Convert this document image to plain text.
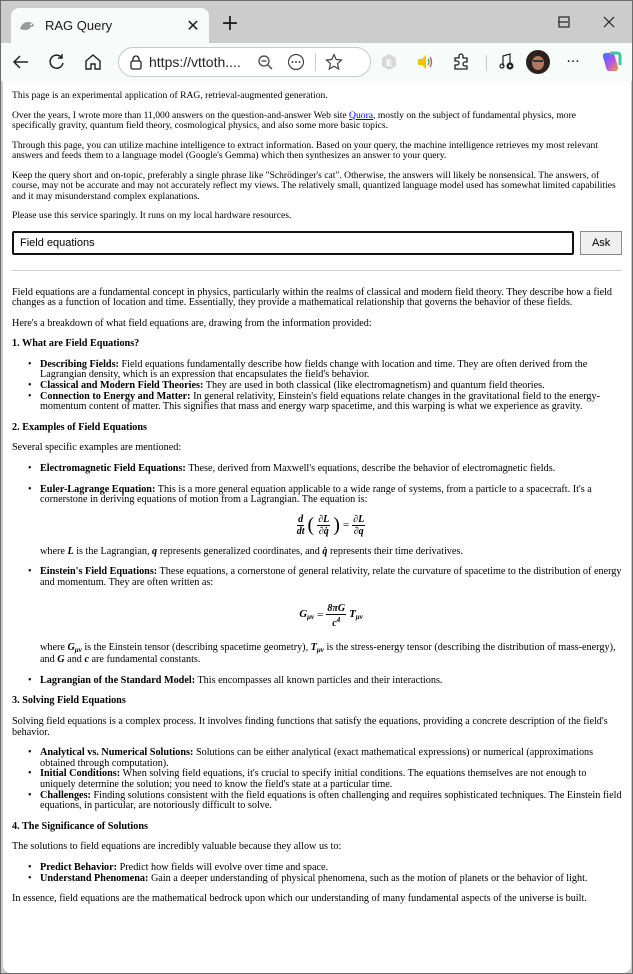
RAG Query	✕ +
https://vttoth....	E	···

This page is an experimental application of RAG, retrieval-augmented generation.

Over the years, I wrote more than 11,000 answers on the question-and-answer Web site Quora, mostly on the subject of fundamental physics, more specifically gravity, quantum field theory, cosmological physics, and also some more basic topics.

Through this page, you can utilize machine intelligence to extract information. Based on your query, the machine intelligence retrieves my most relevant answers and feeds them to a language model (Google's Gemma) which then synthesizes an answer to your query.

Keep the query short and on-topic, preferably a single phrase like "Schrödinger's cat". Otherwise, the answers will likely be nonsensical. The answers, of course, may not be accurate and may not accurately reflect my views. The relatively small, quantized language model used has somewhat limited capabilities and it may misunderstand complex explanations.

Please use this service sparingly. It runs on my local hardware resources.

Field equations
Ask

Field equations are a fundamental concept in physics, particularly within the realms of classical and modern field theory. They describe how a field changes as a function of location and time. Essentially, they provide a mathematical relationship that governs the behavior of these fields.

Here's a breakdown of what field equations are, drawing from the information provided:

1. What are Field Equations?
• Describing Fields: Field equations fundamentally describe how fields change with location and time. They are often derived from the Lagrangian density, which is an expression that encapsulates the field's behavior.
• Classical and Modern Field Theories: They are used in both classical (like electromagnetism) and quantum field theories.
• Connection to Energy and Matter: In general relativity, Einstein's field equations relate changes in the gravitational field to the energy-momentum content of matter. This signifies that mass and energy warp spacetime, and this warping is what we experience as gravity.
2. Examples of Field Equations

Several specific examples are mentioned:

• Electromagnetic Field Equations: These, derived from Maxwell's equations, describe the behavior of electromagnetic fields.
• Euler-Lagrange Equation: This is a more general equation applicable to a wide range of systems, from a particle to a spacecraft. It's a cornerstone in deriving equations of motion from a Lagrangian. The equation is:
$\frac{d}{dt}$ ( $\frac{\partial L}{\partial q̇}$ ) = $\frac{\partial L}{\partial q}$
where L is the Lagrangian, q represents generalized coordinates, and q̇ represents their time derivatives.
• Einstein's Field Equations: These equations, a cornerstone of general relativity, relate the curvature of spacetime to the distribution of energy and momentum. They are often written as:
$G_{\mu\nu} = \frac{8\pi G}{c^4} T_{\mu\nu}$
where $G_{\mu\nu}$ is the Einstein tensor (describing spacetime geometry), $T_{\mu\nu}$ is the stress-energy tensor (describing the distribution of mass-energy), and G and c are fundamental constants.
• Lagrangian of the Standard Model: This encompasses all known particles and their interactions.
3. Solving Field Equations

Solving field equations is a complex process. It involves finding functions that satisfy the equations, providing a concrete description of the field's behavior.

• Analytical vs. Numerical Solutions: Solutions can be either analytical (exact mathematical expressions) or numerical (approximations obtained through computation).
• Initial Conditions: When solving field equations, it's crucial to specify initial conditions. The equations themselves are not enough to uniquely determine the solution; you need to know the field's state at a particular time.
• Challenges: Finding solutions consistent with the field equations is often challenging and requires sophisticated techniques. The Einstein field equations, in particular, are notoriously difficult to solve.
4. The Significance of Solutions

The solutions to field equations are incredibly valuable because they allow us to:

• Predict Behavior: Predict how fields will evolve over time and space.
• Understand Phenomena: Gain a deeper understanding of physical phenomena, such as the motion of planets or the behavior of light.

In essence, field equations are the mathematical bedrock upon which our understanding of many fundamental aspects of the universe is built.
